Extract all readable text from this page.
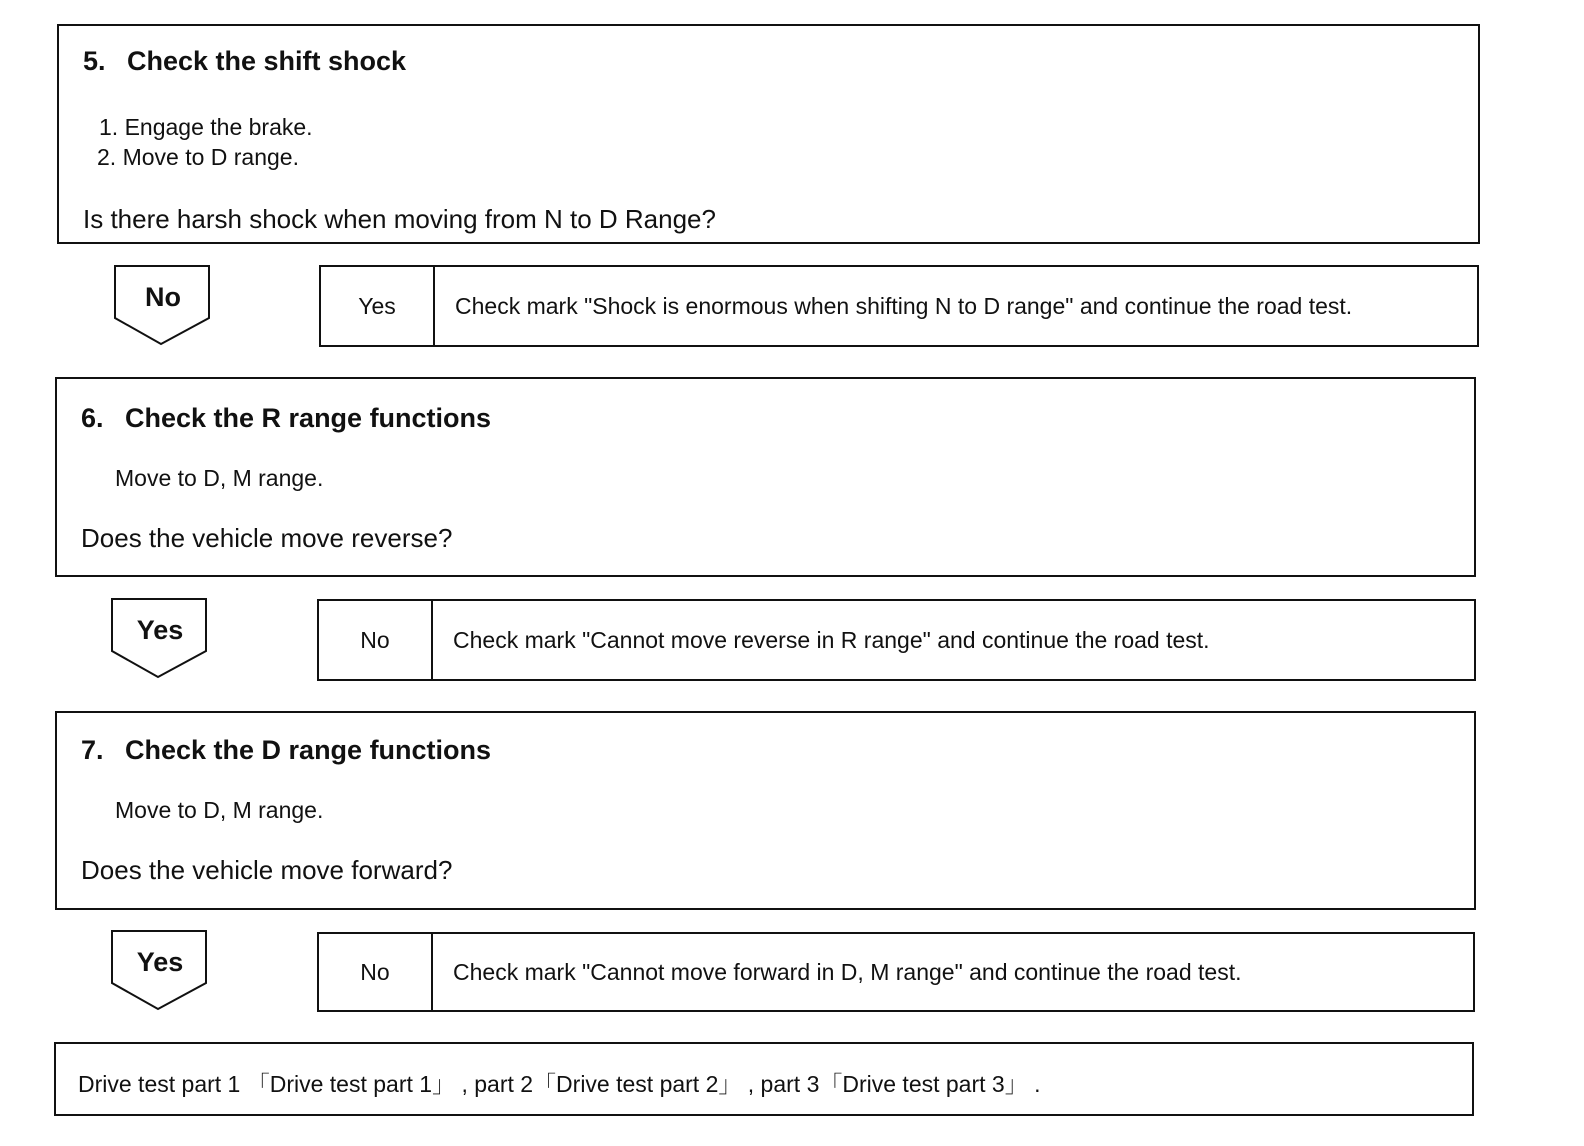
5. Check the shift shock
1. Engage the brake.
2. Move to D range.
Is there harsh shock when moving from N to D Range?
No	Yes	Check mark "Shock is enormous when shifting N to D range" and continue the road test.
6. Check the R range functions
Move to D, M range.
Does the vehicle move reverse?
Yes	No	Check mark "Cannot move reverse in R range" and continue the road test.
7. Check the D range functions
Move to D, M range.
Does the vehicle move forward?
Yes	No	Check mark "Cannot move forward in D, M range" and continue the road test.
Drive test part 1 「Drive test part 1」 , part 2「Drive test part 2」 , part 3「Drive test part 3」 .
